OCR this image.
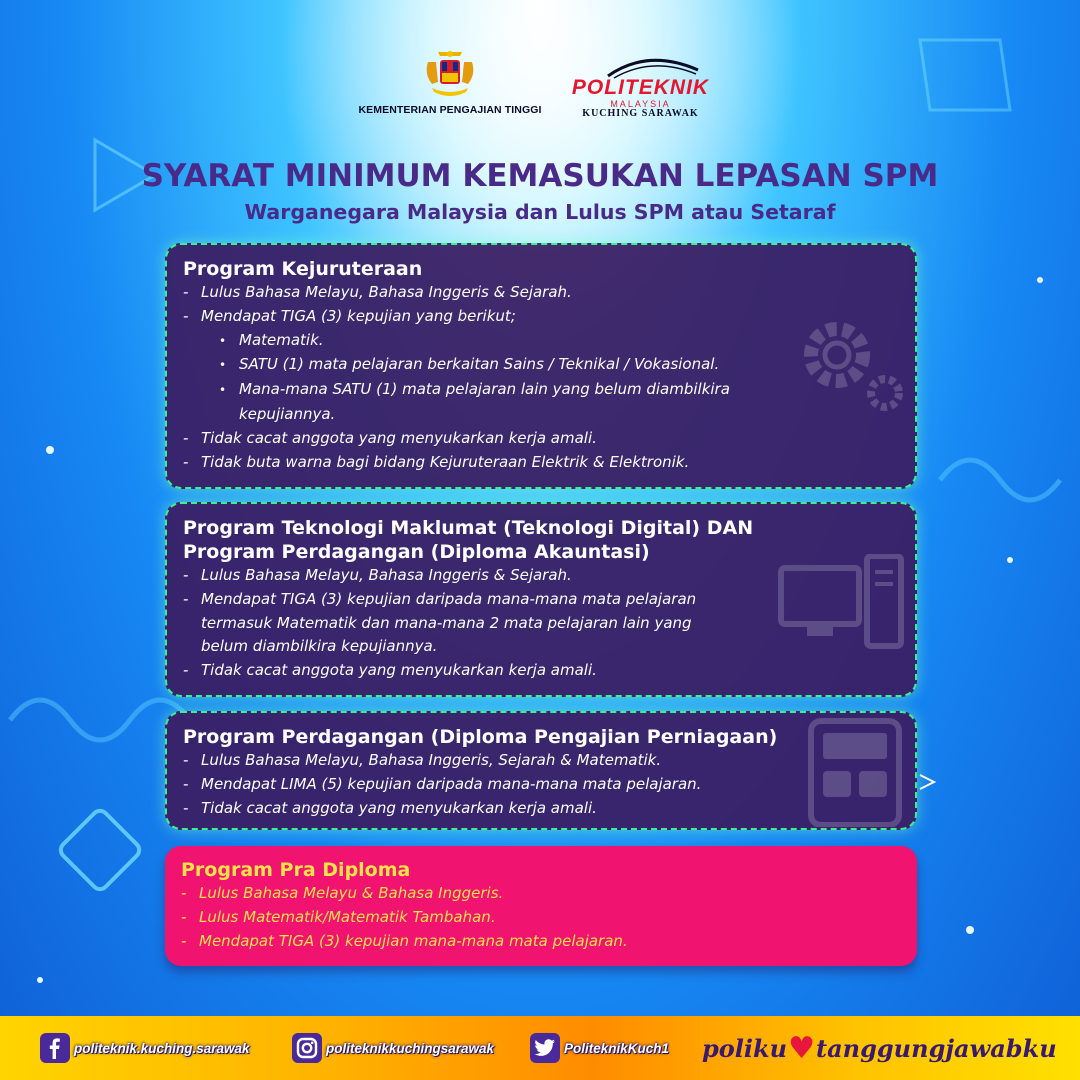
KEMENTERIAN PENGAJIAN TINGGI
POLITEKNIK
MALAYSIA
KUCHING SARAWAK
SYARAT MINIMUM KEMASUKAN LEPASAN SPM
Warganegara Malaysia dan Lulus SPM atau Setaraf
Program Kejuruteraan
- Lulus Bahasa Melayu, Bahasa Inggeris & Sejarah.
- Mendapat TIGA (3) kepujian yang berikut;
• Matematik.
• SATU (1) mata pelajaran berkaitan Sains / Teknikal / Vokasional.
• Mana-mana SATU (1) mata pelajaran lain yang belum diambilkira
kepujiannya.
- Tidak cacat anggota yang menyukarkan kerja amali.
- Tidak buta warna bagi bidang Kejuruteraan Elektrik & Elektronik.
Program Teknologi Maklumat (Teknologi Digital) DAN
Program Perdagangan (Diploma Akauntasi)
- Lulus Bahasa Melayu, Bahasa Inggeris & Sejarah.
- Mendapat TIGA (3) kepujian daripada mana-mana mata pelajaran
termasuk Matematik dan mana-mana 2 mata pelajaran lain yang
belum diambilkira kepujiannya.
- Tidak cacat anggota yang menyukarkan kerja amali.
Program Perdagangan (Diploma Pengajian Perniagaan)
- Lulus Bahasa Melayu, Bahasa Inggeris, Sejarah & Matematik.
- Mendapat LIMA (5) kepujian daripada mana-mana mata pelajaran.
- Tidak cacat anggota yang menyukarkan kerja amali.
Program Pra Diploma
- Lulus Bahasa Melayu & Bahasa Inggeris.
- Lulus Matematik/Matematik Tambahan.
- Mendapat TIGA (3) kepujian mana-mana mata pelajaran.
politeknik.kuching.sarawak	politeknikkuchingsarawak	PoliteknikKuch1 poliku ♥ tanggungjawabku
